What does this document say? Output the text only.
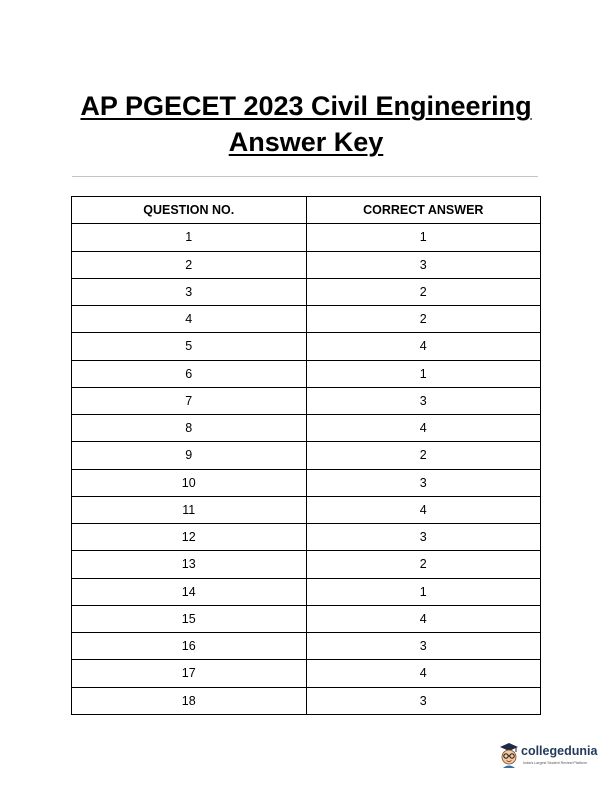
AP PGECET 2023 Civil Engineering
Answer Key
QUESTION NO.	CORRECT ANSWER
1	1
2	3
3	2
4	2
5	4
6	1
7	3
8	4
9	2
10	3
11	4
12	3
13	2
14	1
15	4
16	3
17	4
18	3
collegedunia
India's Largest Student Review Platform
